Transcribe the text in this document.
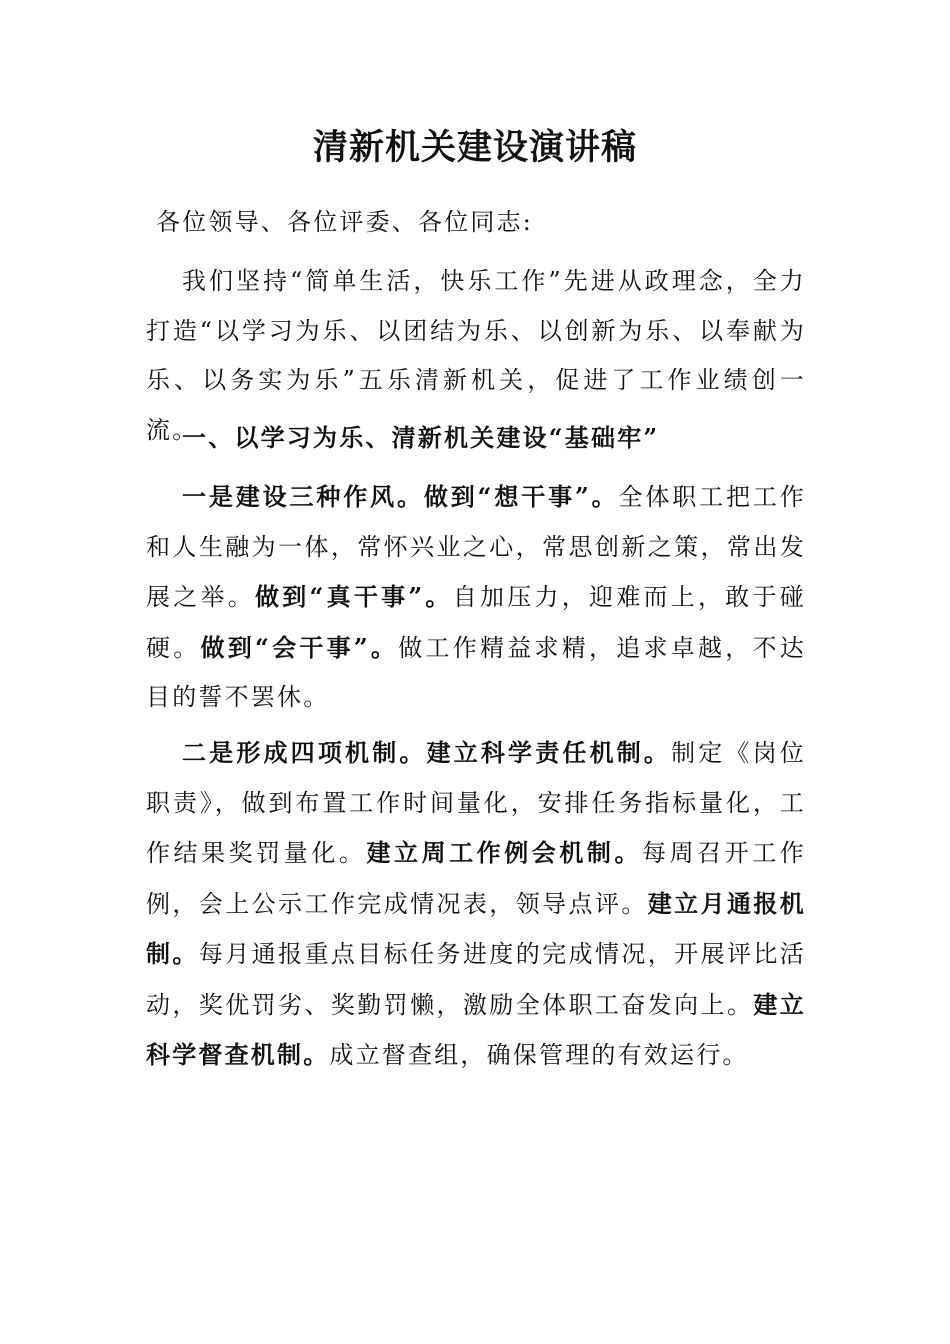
清新机关建设演讲稿
各位领导、各位评委、各位同志:
我们坚持“简单生活，快乐工作”先进从政理念，全力打造“以学习为乐、以团结为乐、以创新为乐、以奉献为乐、以务实为乐”五乐清新机关，促进了工作业绩创一流。
一、以学习为乐、清新机关建设“基础牢”
一是建设三种作风。做到“想干事”。全体职工把工作和人生融为一体，常怀兴业之心，常思创新之策，常出发展之举。做到“真干事”。自加压力，迎难而上，敢于碰硬。做到“会干事”。做工作精益求精，追求卓越，不达目的誓不罢休。
二是形成四项机制。建立科学责任机制。制定《岗位职责》，做到布置工作时间量化，安排任务指标量化，工作结果奖罚量化。建立周工作例会机制。每周召开工作例，会上公示工作完成情况表，领导点评。建立月通报机制。每月通报重点目标任务进度的完成情况，开展评比活动，奖优罚劣、奖勤罚懒，激励全体职工奋发向上。建立科学督查机制。成立督查组，确保管理的有效运行。
